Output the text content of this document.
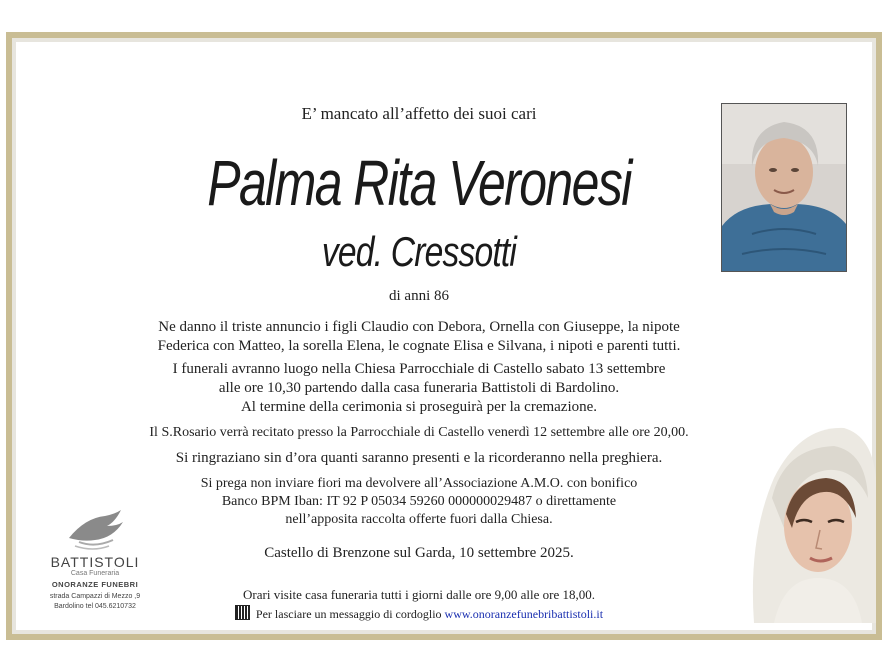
E’ mancato all’affetto dei suoi cari
Palma Rita Veronesi
ved. Cressotti
di anni 86
Ne danno il triste annuncio i figli Claudio con Debora, Ornella con Giuseppe, la nipote
Federica con Matteo, la sorella Elena, le cognate Elisa e Silvana, i nipoti e parenti tutti.
I funerali avranno luogo nella Chiesa Parrocchiale di Castello sabato 13 settembre
alle ore 10,30 partendo dalla casa funeraria Battistoli di Bardolino.
Al termine della cerimonia si proseguirà per la cremazione.
Il S.Rosario verrà recitato presso la Parrocchiale di Castello venerdì 12 settembre alle ore 20,00.
Si ringraziano sin d’ora quanti saranno presenti e la ricorderanno nella preghiera.
Si prega non inviare fiori ma devolvere all’Associazione A.M.O. con bonifico
Banco BPM Iban: IT 92 P 05034 59260 000000029487 o direttamente
nell’apposita raccolta offerte fuori dalla Chiesa.
Castello di Brenzone sul Garda, 10 settembre 2025.
Orari visite casa funeraria tutti i giorni dalle ore 9,00 alle ore 18,00.
Per lasciare un messaggio di cordoglio www.onoranzefunebribattistoli.it
BATTISTOLI
Casa Funeraria
ONORANZE FUNEBRI
strada Campazzi di Mezzo ,9
Bardolino tel 045.6210732
